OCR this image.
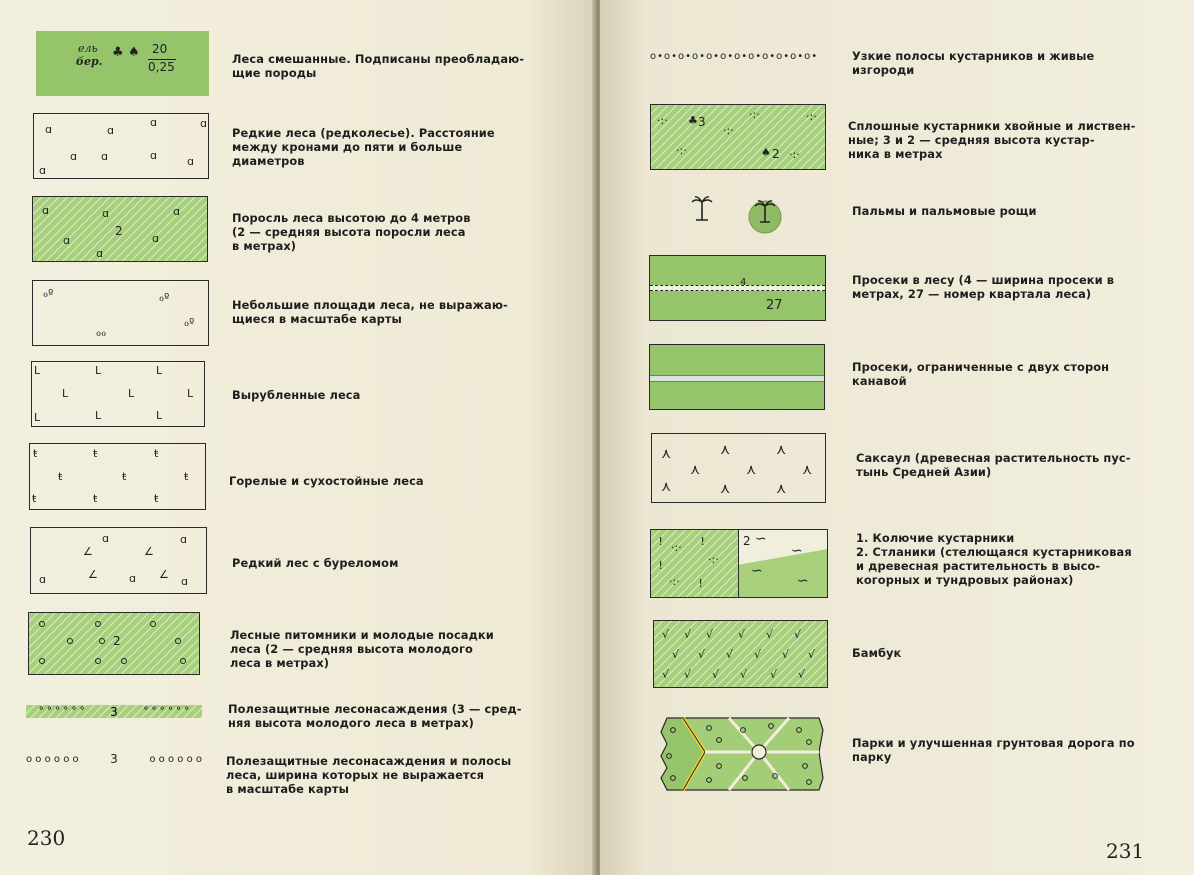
ель
бер.
♣ ♠ 20
0,25
Леса смешанные. Подписаны преобладаю-
щие породы
ɑ	ɑ
ɑ	ɑ
ɑ ɑ	ɑ	ɑ
ɑ
Редкие леса (редколесье). Расстояние
между кронами до пяти и больше
диаметров
ɑ	ɑ	ɑ
2
ɑ	ɑ
ɑ
Поросль леса высотою до 4 метров
(2 — средняя высота поросли леса
в метрах)
ℴº	ℴº
ℴº
ℴℴ
Небольшие площади леса, не выражаю-
щиеся в масштабе карты
L	L	L
L	L	L
L	L	L
Вырубленные леса
ŧ	ŧ	ŧ
ŧ	ŧ	ŧ
ŧ	ŧ	ŧ
Горелые и сухостойные леса
ɑ	ɑ
∠	∠
∠	∠
ɑ	ɑ	ɑ
Редкий лес с буреломом
2	Лесные питомники и молодые посадки
леса (2 — средняя высота молодого
леса в метрах)
° ° ° ° ° ° 3	° ° ° ° ° °	Полезащитные лесонасаждения (3 — сред-
няя высота молодого леса в метрах)
o o o o o o	3	o o o o o o Полезащитные лесонасаждения и полосы
леса, ширина которых не выражается
в масштабе карты
230
o•o•o•o•o•o•o•o•o•o•o•o•	Узкие полосы кустарников и живые
изгороди
·:· ♣ 3
·:·	·:·
·:·
·:·	♠ 2 ·:·
Сплошные кустарники хвойные и листвен-
ные; 3 и 2 — средняя высота кустар-
ника в метрах
Пальмы и пальмовые рощи
4
27
Просеки в лесу (4 — ширина просеки в
метрах, 27 — номер квартала леса)
Просеки, ограниченные с двух сторон
канавой
⋏	⋏	⋏
⋏	⋏	⋏
⋏	⋏	⋏
Саксаул (древесная растительность пус-
тынь Средней Азии)
ǃ ·:· ǃ
·:·
ǃ
·:· ǃ
2 ∽
∽
∽
∽
1. Колючие кустарники
2. Стланики (стелющаяся кустарниковая
и древесная растительность в высо-
когорных и тундровых районах)
√ √ √ √ √ √
√ √ √ √ √ √
√ √ √ √ √ √
Бамбук
Парки и улучшенная грунтовая дорога по
парку
231
